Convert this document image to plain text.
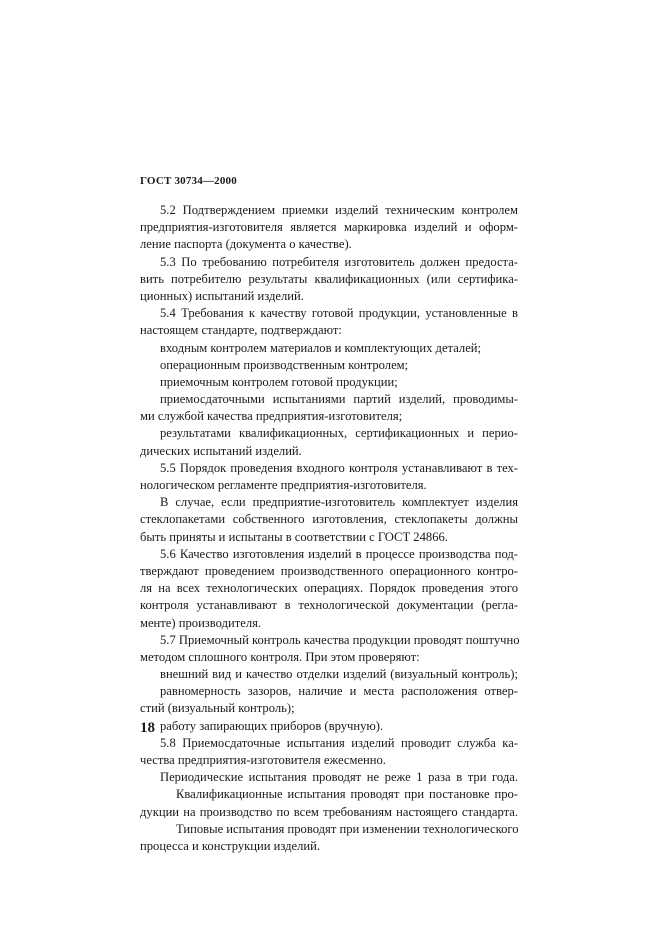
ГОСТ 30734—2000
5.2 Подтверждением приемки изделий техническим контролем
предприятия-изготовителя является маркировка изделий и оформ-
ление паспорта (документа о качестве).
5.3 По требованию потребителя изготовитель должен предоста-
вить потребителю результаты квалификационных (или сертифика-
ционных) испытаний изделий.
5.4 Требования к качеству готовой продукции, установленные в
настоящем стандарте, подтверждают:
входным контролем материалов и комплектующих деталей;
операционным производственным контролем;
приемочным контролем готовой продукции;
приемосдаточными испытаниями партий изделий, проводимы-
ми службой качества предприятия-изготовителя;
результатами квалификационных, сертификационных и перио-
дических испытаний изделий.
5.5 Порядок проведения входного контроля устанавливают в тех-
нологическом регламенте предприятия-изготовителя.
В случае, если предприятие-изготовитель комплектует изделия
стеклопакетами собственного изготовления, стеклопакеты должны
быть приняты и испытаны в соответствии с ГОСТ 24866.
5.6 Качество изготовления изделий в процессе производства под-
тверждают проведением производственного операционного контро-
ля на всех технологических операциях. Порядок проведения этого
контроля устанавливают в технологической документации (регла-
менте) производителя.
5.7 Приемочный контроль качества продукции проводят поштучно
методом сплошного контроля. При этом проверяют:
внешний вид и качество отделки изделий (визуальный контроль);
равномерность зазоров, наличие и места расположения отвер-
стий (визуальный контроль);
работу запирающих приборов (вручную).
5.8 Приемосдаточные испытания изделий проводит служба ка-
чества предприятия-изготовителя ежесменно.
Периодические испытания проводят не реже 1 раза в три года.
Квалификационные испытания проводят при постановке про-
дукции на производство по всем требованиям настоящего стандарта.
Типовые испытания проводят при изменении технологического
процесса и конструкции изделий.
18
